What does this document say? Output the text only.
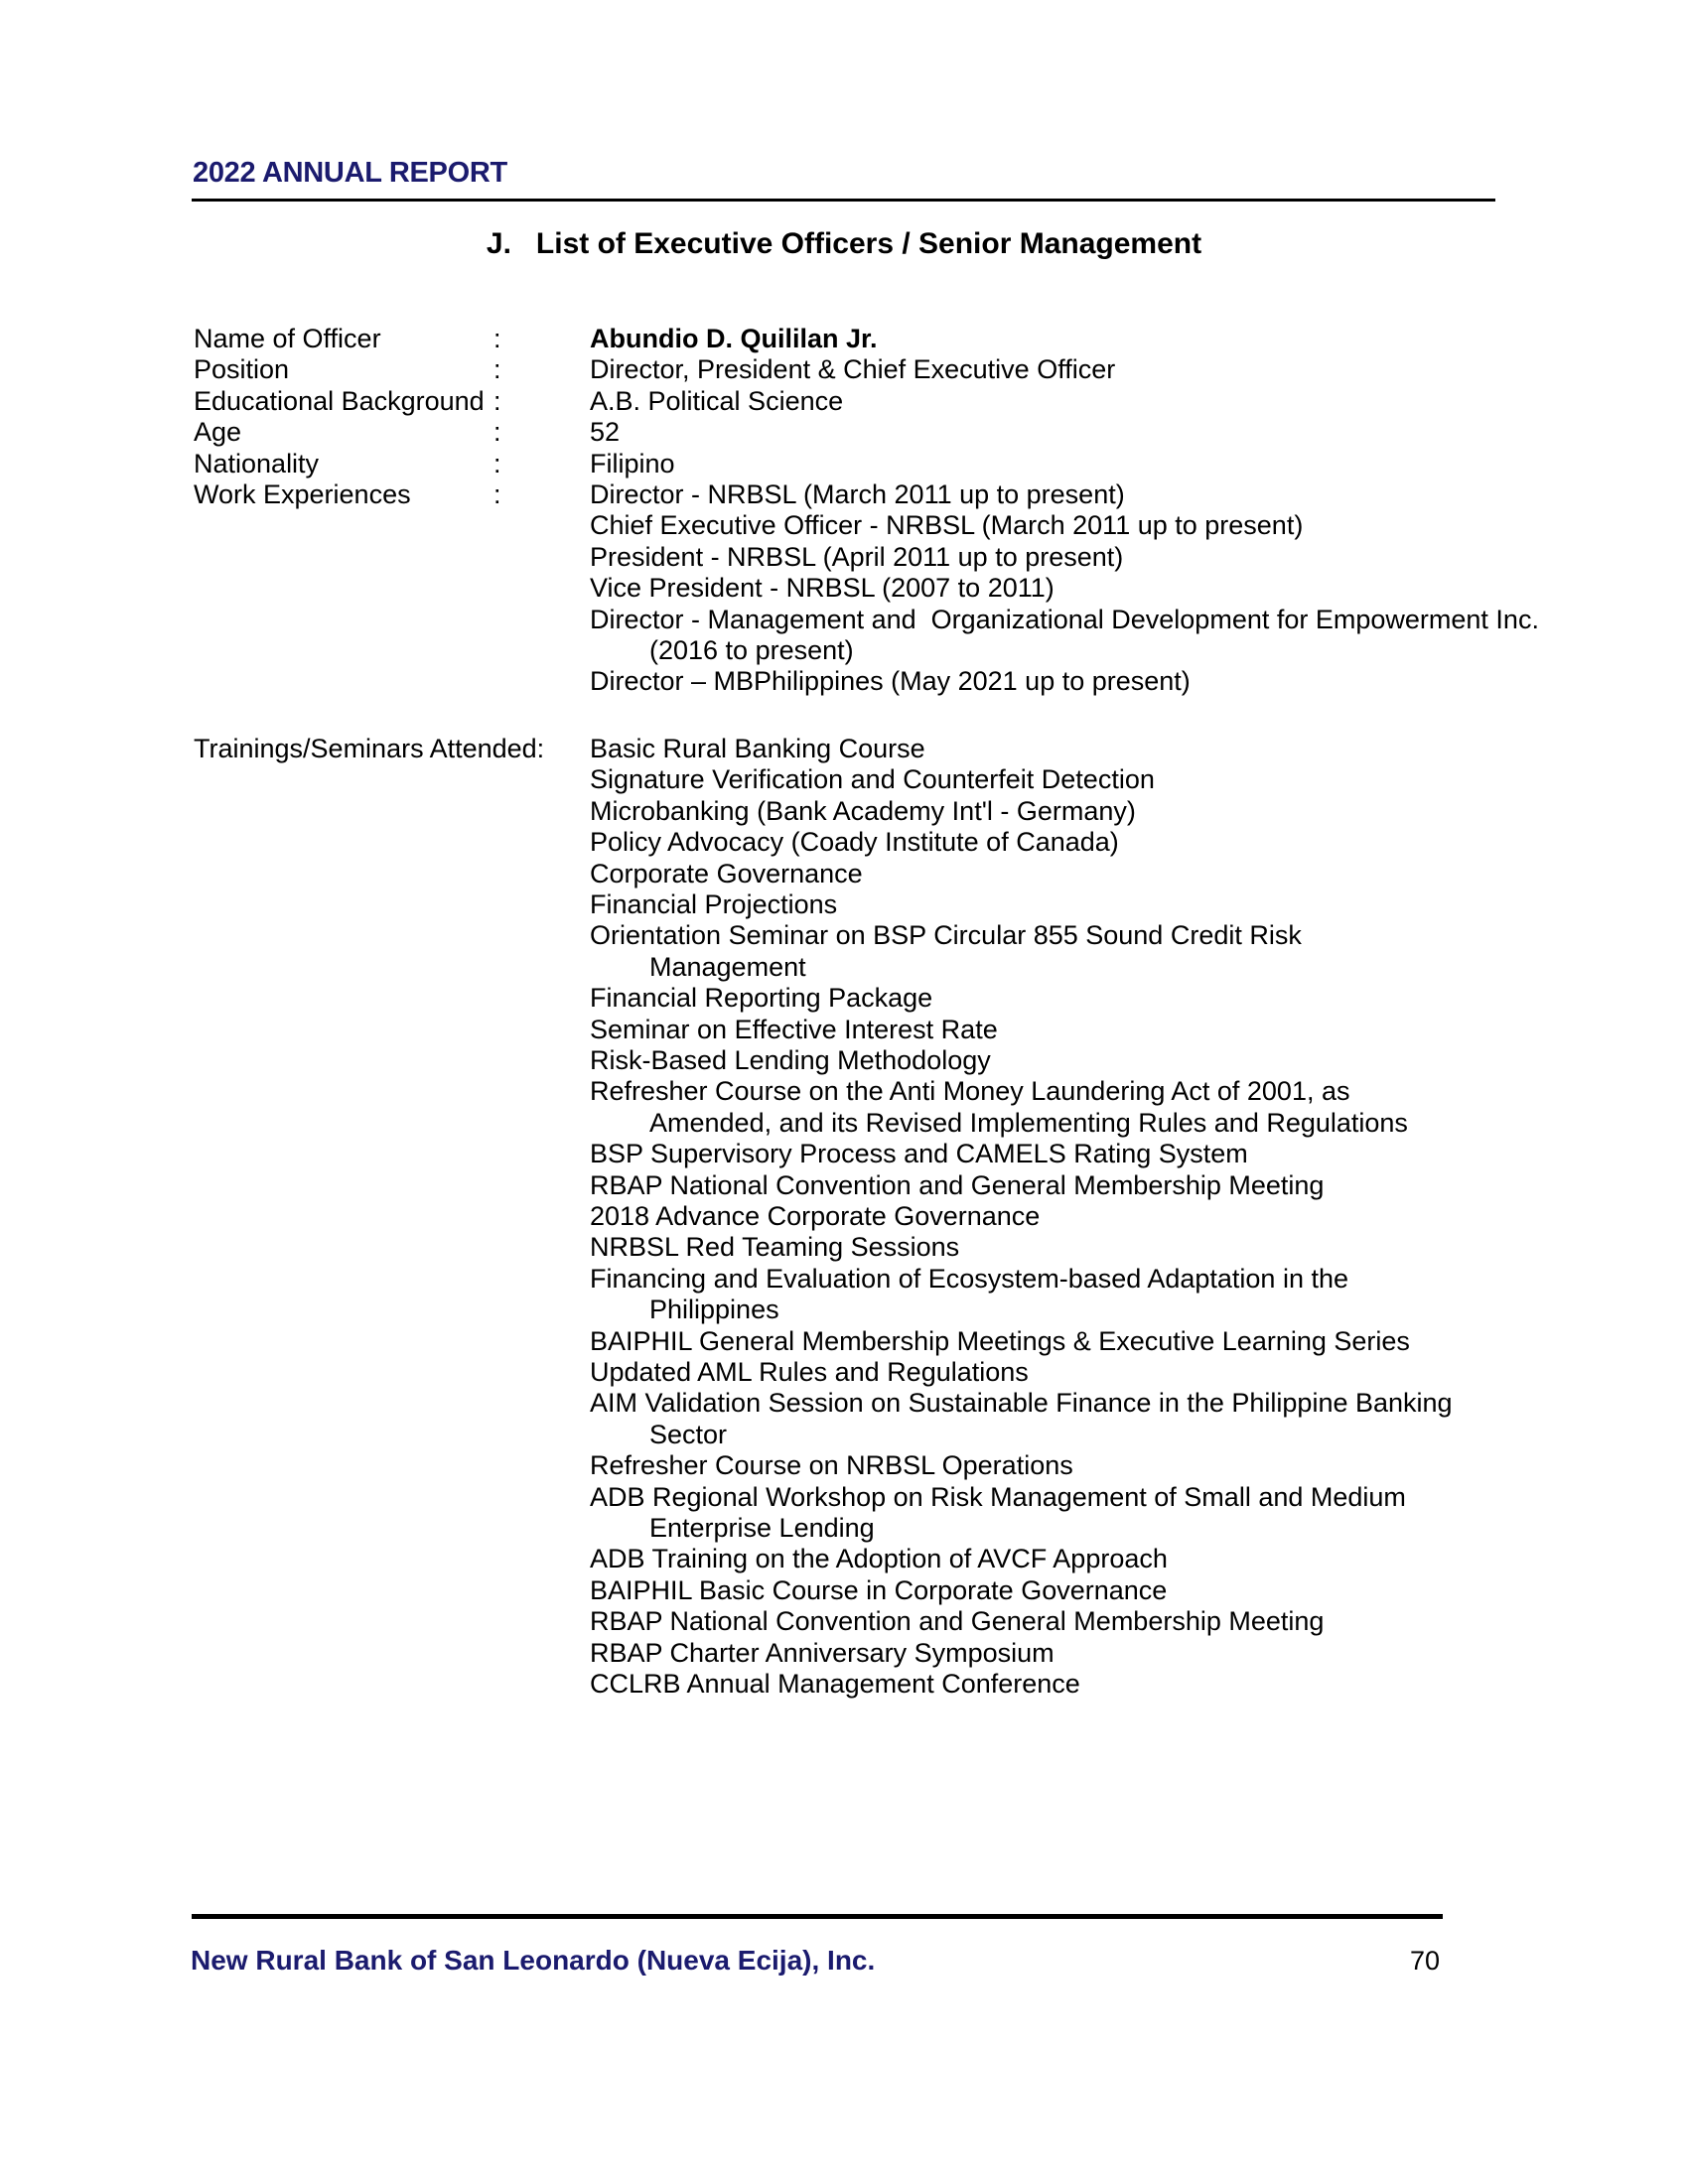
2022 ANNUAL REPORT
J.   List of Executive Officers / Senior Management
Name of Officer	:	Abundio D. Quililan Jr.
Position	:	Director, President & Chief Executive Officer
Educational Background :	A.B. Political Science
Age	:	52
Nationality	:	Filipino
Work Experiences	:	Director - NRBSL (March 2011 up to present)
Chief Executive Officer - NRBSL (March 2011 up to present)
President - NRBSL (April 2011 up to present)
Vice President - NRBSL (2007 to 2011)
Director - Management and  Organizational Development for Empowerment Inc.
(2016 to present)
Director – MBPhilippines (May 2021 up to present)
Trainings/Seminars Attended:	Basic Rural Banking Course
Signature Verification and Counterfeit Detection
Microbanking (Bank Academy Int'l - Germany)
Policy Advocacy (Coady Institute of Canada)
Corporate Governance
Financial Projections
Orientation Seminar on BSP Circular 855 Sound Credit Risk
Management
Financial Reporting Package
Seminar on Effective Interest Rate
Risk-Based Lending Methodology
Refresher Course on the Anti Money Laundering Act of 2001, as
Amended, and its Revised Implementing Rules and Regulations
BSP Supervisory Process and CAMELS Rating System
RBAP National Convention and General Membership Meeting
2018 Advance Corporate Governance
NRBSL Red Teaming Sessions
Financing and Evaluation of Ecosystem-based Adaptation in the
Philippines
BAIPHIL General Membership Meetings & Executive Learning Series
Updated AML Rules and Regulations
AIM Validation Session on Sustainable Finance in the Philippine Banking
Sector
Refresher Course on NRBSL Operations
ADB Regional Workshop on Risk Management of Small and Medium
Enterprise Lending
ADB Training on the Adoption of AVCF Approach
BAIPHIL Basic Course in Corporate Governance
RBAP National Convention and General Membership Meeting
RBAP Charter Anniversary Symposium
CCLRB Annual Management Conference
New Rural Bank of San Leonardo (Nueva Ecija), Inc.	70
